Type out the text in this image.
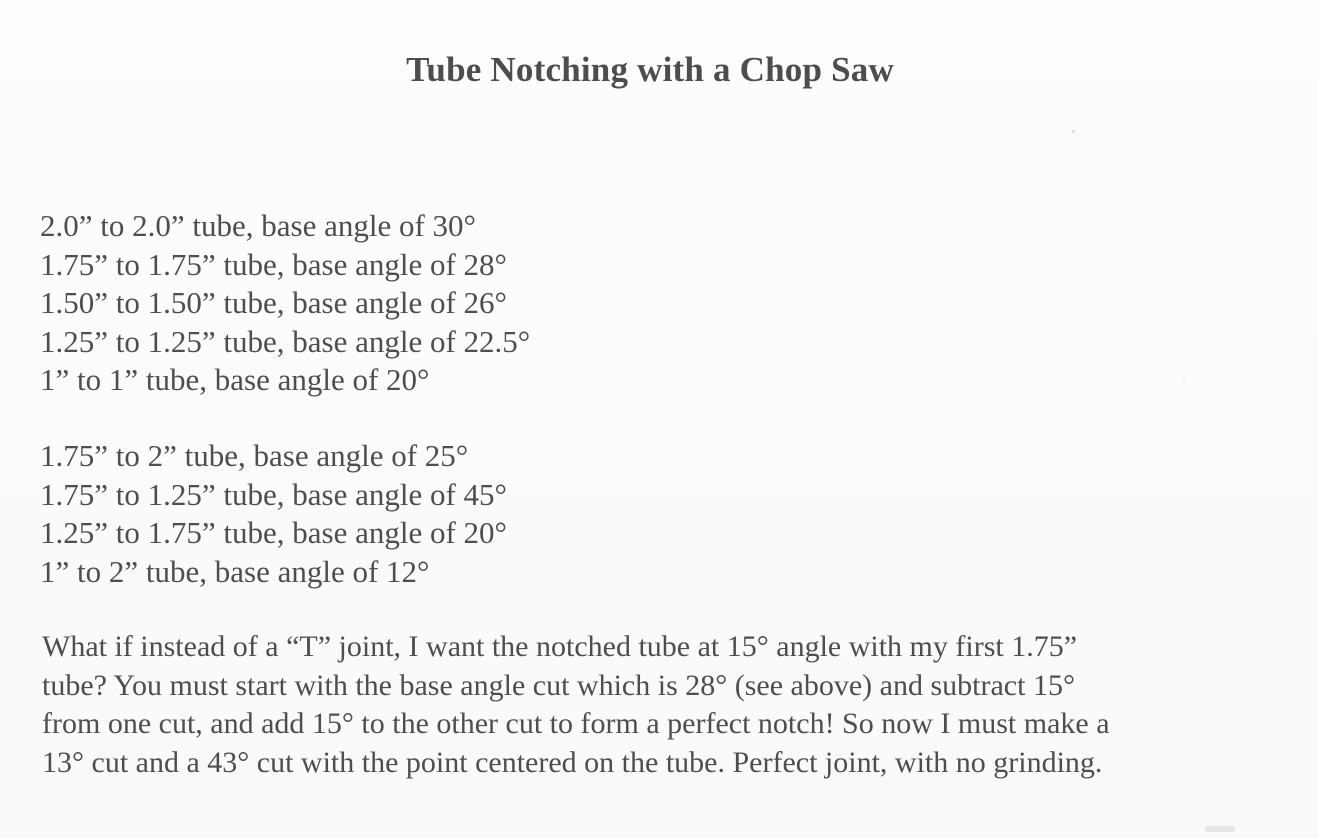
Tube Notching with a Chop Saw
2.0” to 2.0” tube, base angle of 30°
1.75” to 1.75” tube, base angle of 28°
1.50” to 1.50” tube, base angle of 26°
1.25” to 1.25” tube, base angle of 22.5°
1” to 1” tube, base angle of 20°
1.75” to 2” tube, base angle of 25°
1.75” to 1.25” tube, base angle of 45°
1.25” to 1.75” tube, base angle of 20°
1” to 2” tube, base angle of 12°
What if instead of a “T” joint, I want the notched tube at 15° angle with my first 1.75”
tube? You must start with the base angle cut which is 28° (see above) and subtract 15°
from one cut, and add 15° to the other cut to form a perfect notch! So now I must make a
13° cut and a 43° cut with the point centered on the tube. Perfect joint, with no grinding.
